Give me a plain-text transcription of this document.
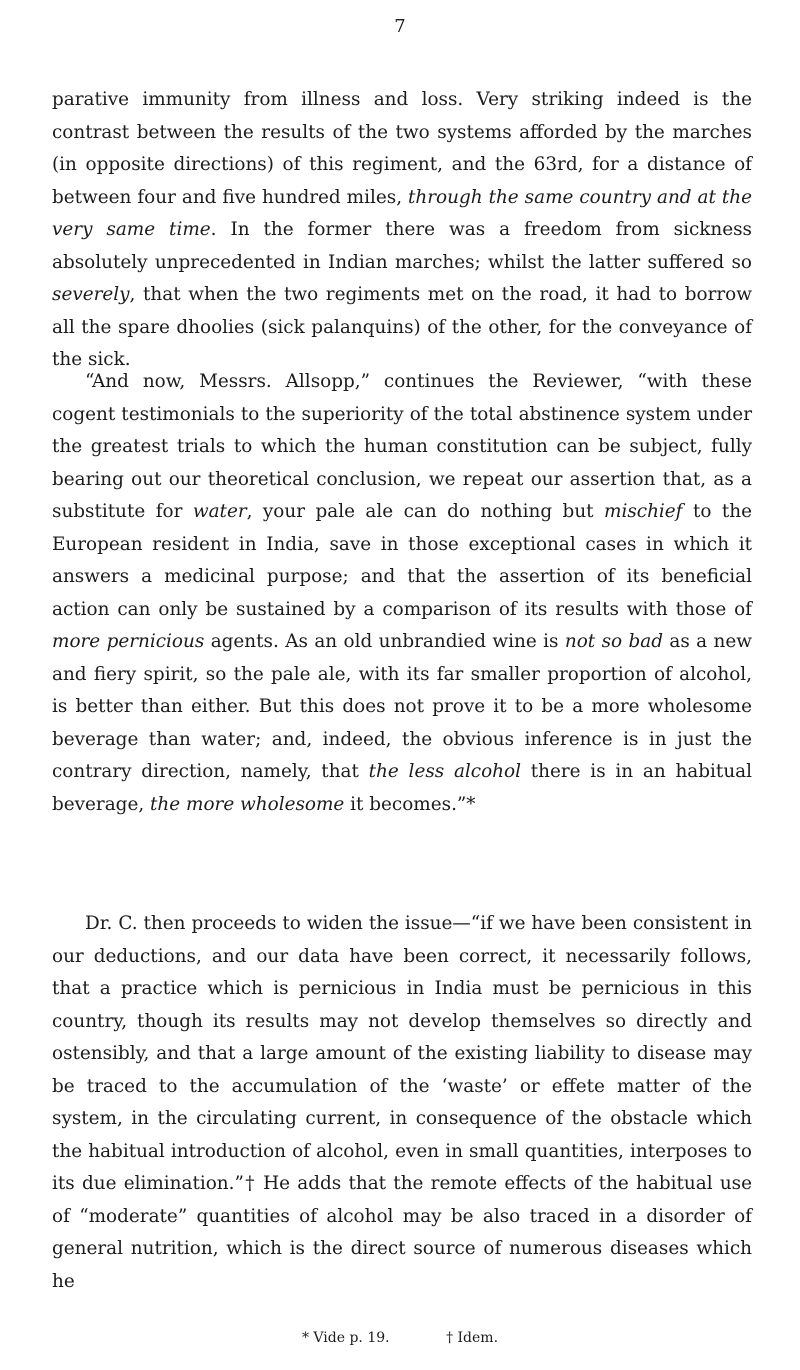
7

parative immunity from illness and loss. Very striking indeed is the contrast between the results of the two systems afforded by the marches (in opposite directions) of this regiment, and the 63rd, for a distance of between four and five hundred miles, through the same country and at the very same time. In the former there was a freedom from sickness absolutely unprecedented in Indian marches; whilst the latter suffered so severely, that when the two regiments met on the road, it had to borrow all the spare dhoolies (sick palanquins) of the other, for the conveyance of the sick.

“And now, Messrs. Allsopp,” continues the Reviewer, “with these cogent testimonials to the superiority of the total abstinence system under the greatest trials to which the human constitution can be subject, fully bearing out our theoretical conclusion, we repeat our assertion that, as a substitute for water, your pale ale can do nothing but mischief to the European resident in India, save in those exceptional cases in which it answers a medicinal purpose; and that the assertion of its beneficial action can only be sustained by a comparison of its results with those of more pernicious agents. As an old unbrandied wine is not so bad as a new and fiery spirit, so the pale ale, with its far smaller proportion of alcohol, is better than either. But this does not prove it to be a more wholesome beverage than water; and, indeed, the obvious inference is in just the contrary direction, namely, that the less alcohol there is in an habitual beverage, the more wholesome it becomes.”*

Dr. C. then proceeds to widen the issue—“if we have been consistent in our deductions, and our data have been correct, it necessarily follows, that a practice which is pernicious in India must be pernicious in this country, though its results may not develop themselves so directly and ostensibly, and that a large amount of the existing liability to disease may be traced to the accumulation of the ‘waste’ or effete matter of the system, in the circulating current, in consequence of the obstacle which the habitual introduction of alcohol, even in small quantities, interposes to its due elimination.”† He adds that the remote effects of the habitual use of “moderate” quantities of alcohol may be also traced in a disorder of general nutrition, which is the direct source of numerous diseases which he

* Vide p. 19.	† Idem.
